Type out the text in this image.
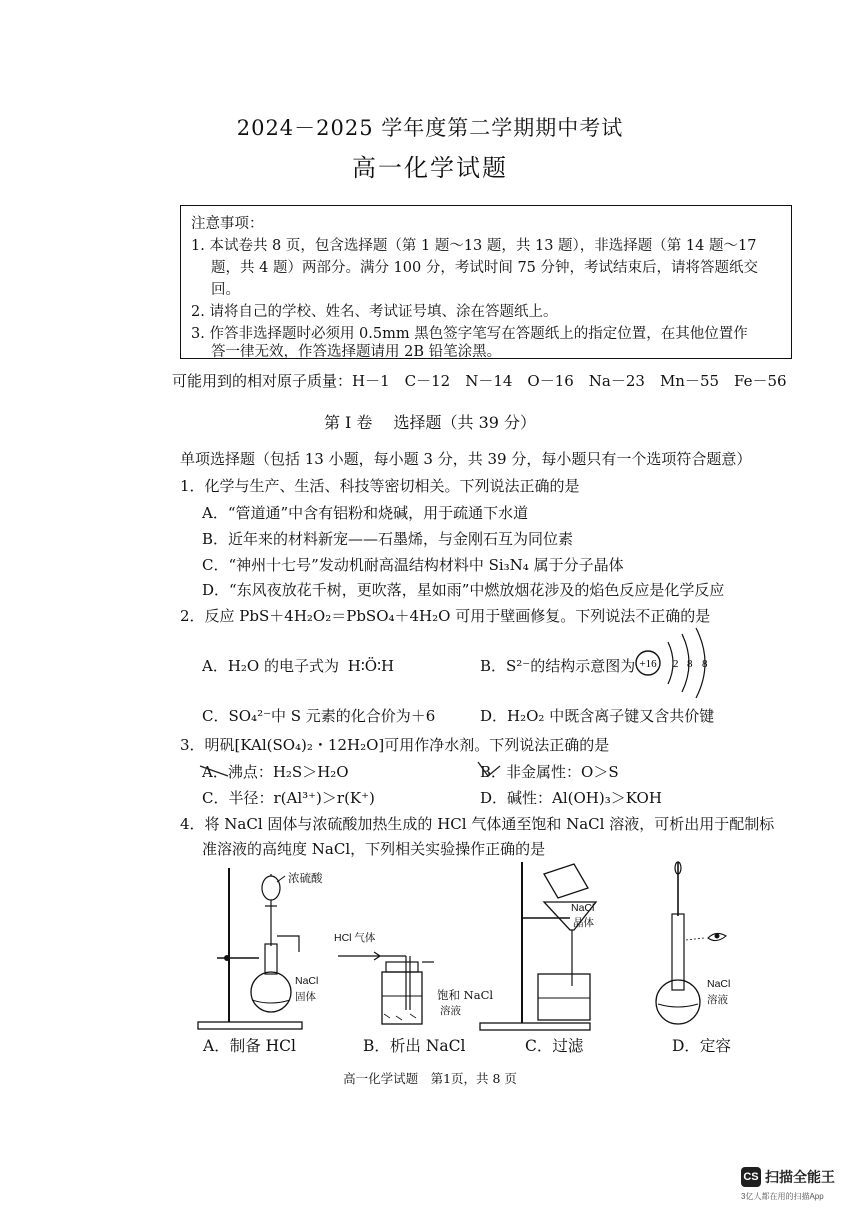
2024－2025 学年度第二学期期中考试
高一化学试题
注意事项：
1. 本试卷共 8 页，包含选择题（第 1 题～13 题，共 13 题），非选择题（第 14 题～17
题，共 4 题）两部分。满分 100 分，考试时间 75 分钟，考试结束后，请将答题纸交
回。
2. 请将自己的学校、姓名、考试证号填、涂在答题纸上。
3. 作答非选择题时必须用 0.5mm 黑色签字笔写在答题纸上的指定位置，在其他位置作
答一律无效，作答选择题请用 2B 铅笔涂黑。
可能用到的相对原子质量：H－1　C－12　N－14　O－16　Na－23　Mn－55　Fe－56
第 I 卷　 选择题（共 39 分）
单项选择题（包括 13 小题，每小题 3 分，共 39 分，每小题只有一个选项符合题意）
1．化学与生产、生活、科技等密切相关。下列说法正确的是
A．“管道通”中含有铝粉和烧碱，用于疏通下水道
B．近年来的材料新宠——石墨烯，与金刚石互为同位素
C．“神州十七号”发动机耐高温结构材料中 Si₃N₄ 属于分子晶体
D．“东风夜放花千树，更吹落，星如雨”中燃放烟花涉及的焰色反应是化学反应
2．反应 PbS＋4H₂O₂＝PbSO₄＋4H₂O 可用于壁画修复。下列说法不正确的是
A．H₂O 的电子式为 H∶Ö∶H	B．S²⁻的结构示意图为 +16 2 8 8
C．SO₄²⁻中 S 元素的化合价为＋6	D．H₂O₂ 中既含离子键又含共价键
3．明矾[KAl(SO₄)₂・12H₂O]可用作净水剂。下列说法正确的是
A．沸点：H₂S＞H₂O	B．非金属性：O＞S
C．半径：r(Al³⁺)＞r(K⁺)	D．碱性：Al(OH)₃＞KOH
4．将 NaCl 固体与浓硫酸加热生成的 HCl 气体通至饱和 NaCl 溶液，可析出用于配制标
准溶液的高纯度 NaCl，下列相关实验操作正确的是
浓硫酸
NaCl
固体
HCl 气体
饱和 NaCl
溶液
NaCl
晶体
NaCl
溶液
A．制备 HCl	B．析出 NaCl	C．过滤	D．定容
高一化学试题　第1页，共 8 页
CS 扫描全能王
3亿人都在用的扫描App
